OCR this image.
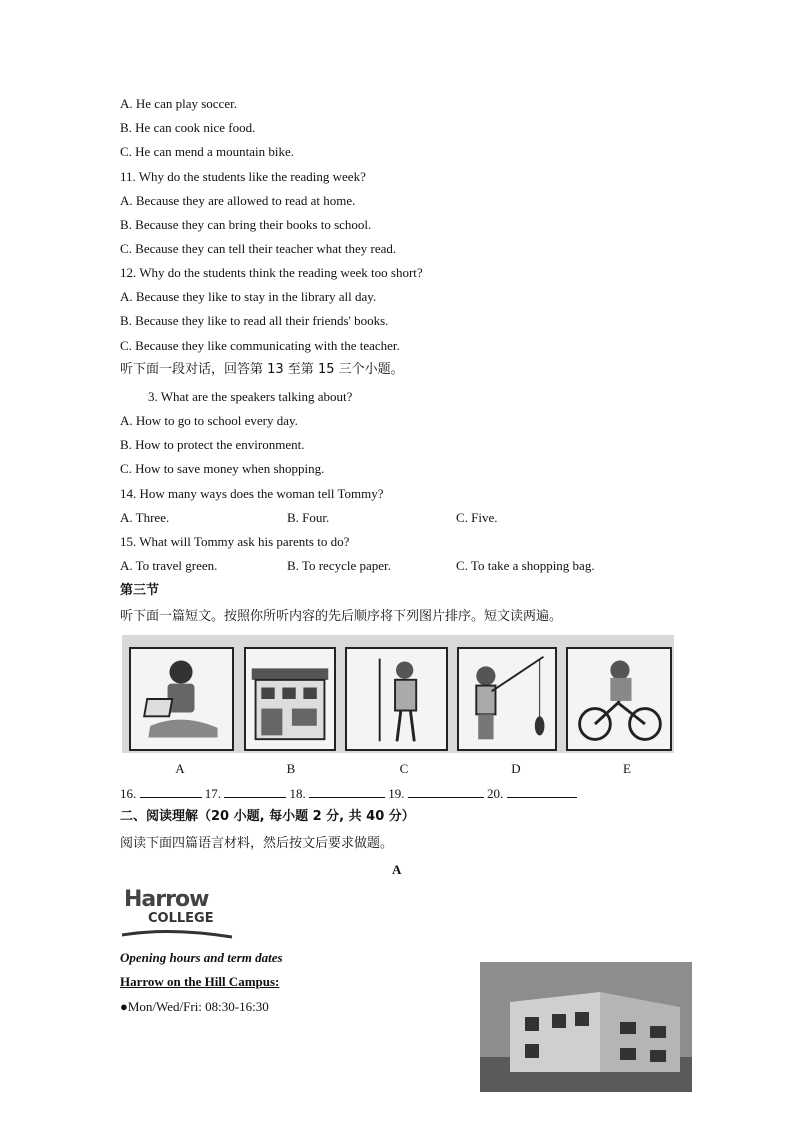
A. He can play soccer.
B. He can cook nice food.
C. He can mend a mountain bike.
11. Why do the students like the reading week?
A. Because they are allowed to read at home.
B. Because they can bring their books to school.
C. Because they can tell their teacher what they read.
12. Why do the students think the reading week too short?
A. Because they like to stay in the library all day.
B. Because they like to read all their friends' books.
C. Because they like communicating with the teacher.
听下面一段对话，回答第 13 至第 15 三个小题。
3. What are the speakers talking about?
A. How to go to school every day.
B. How to protect the environment.
C. How to save money when shopping.
14. How many ways does the woman tell Tommy?
A. Three.	B. Four.	C. Five.
15. What will Tommy ask his parents to do?
A. To travel green.	B. To recycle paper.	C. To take a shopping bag.
第三节
听下面一篇短文。按照你所听内容的先后顺序将下列图片排序。短文读两遍。
A	B	C	D	E
16.	17.	18.	19.	20.
二、阅读理解（20 小题, 每小题 2 分, 共 40 分）
阅读下面四篇语言材料，然后按文后要求做题。
A
Harrow
COLLEGE
Opening hours and term dates
Harrow on the Hill Campus:
●Mon/Wed/Fri: 08:30-16:30
